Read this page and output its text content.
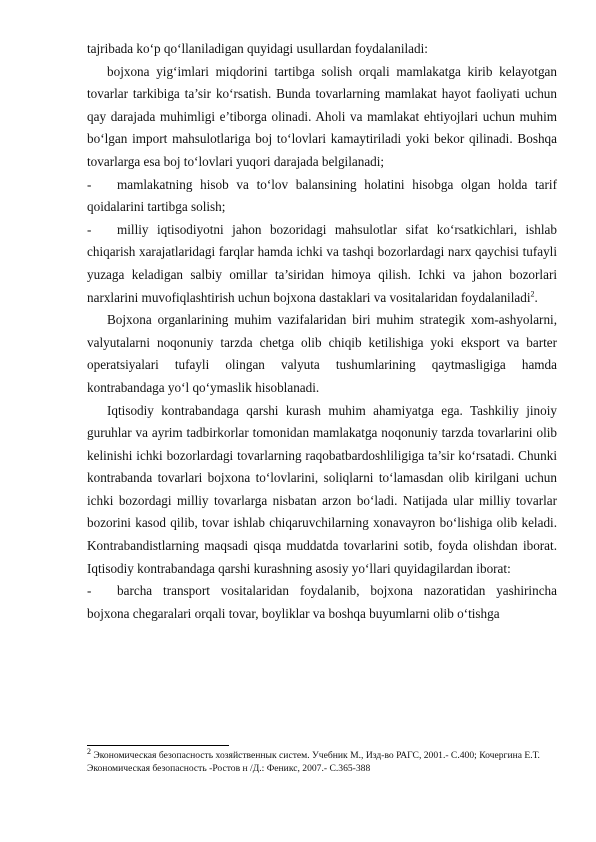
tajribada ko‘p qo‘llaniladigan quyidagi usullardan foydalaniladi:

bojxona yig‘imlari miqdorini tartibga solish orqali mamlakatga kirib kelayotgan tovarlar tarkibiga ta’sir ko‘rsatish. Bunda tovarlarning mamlakat hayot faoliyati uchun qay darajada muhimligi e’tiborga olinadi. Aholi va mamlakat ehtiyojlari uchun muhim bo‘lgan import mahsulotlariga boj to‘lovlari kamaytiriladi yoki bekor qilinadi. Boshqa tovarlarga esa boj to‘lovlari yuqori darajada belgilanadi;

- mamlakatning hisob va to‘lov balansining holatini hisobga olgan holda tarif qoidalarini tartibga solish;

- milliy iqtisodiyotni jahon bozoridagi mahsulotlar sifat ko‘rsatkichlari, ishlab chiqarish xarajatlaridagi farqlar hamda ichki va tashqi bozorlardagi narx qaychisi tufayli yuzaga keladigan salbiy omillar ta’siridan himoya qilish. Ichki va jahon bozorlari narxlarini muvofiqlashtirish uchun bojxona dastaklari va vositalaridan foydalaniladi$^2$.

Bojxona organlarining muhim vazifalaridan biri muhim strategik xom-ashyolarni, valyutalarni noqonuniy tarzda chetga olib chiqib ketilishiga yoki eksport va barter operatsiyalari tufayli olingan valyuta tushumlarining qaytmasligiga hamda kontrabandaga yo‘l qo‘ymaslik hisoblanadi.

Iqtisodiy kontrabandaga qarshi kurash muhim ahamiyatga ega. Tashkiliy jinoiy guruhlar va ayrim tadbirkorlar tomonidan mamlakatga noqonuniy tarzda tovarlarini olib kelinishi ichki bozorlardagi tovarlarning raqobatbardoshliligiga ta’sir ko‘rsatadi. Chunki kontrabanda tovarlari bojxona to‘lovlarini, soliqlarni to‘lamasdan olib kirilgani uchun ichki bozordagi milliy tovarlarga nisbatan arzon bo‘ladi. Natijada ular milliy tovarlar bozorini kasod qilib, tovar ishlab chiqaruvchilarning xonavayron bo‘lishiga olib keladi. Kontrabandistlarning maqsadi qisqa muddatda tovarlarini sotib, foyda olishdan iborat. Iqtisodiy kontrabandaga qarshi kurashning asosiy yo‘llari quyidagilardan iborat:

- barcha transport vositalaridan foydalanib, bojxona nazoratidan yashirincha bojxona chegaralari orqali tovar, boyliklar va boshqa buyumlarni olib o‘tishga

$^2$ Экономическая безопасность хозяйственнык систем. Учебник М., Изд-во РАГС, 2001.- С.400; Кочергина Е.Т. Экономическая безопасность -Ростов н /Д.: Феникс, 2007.- С.365-388
